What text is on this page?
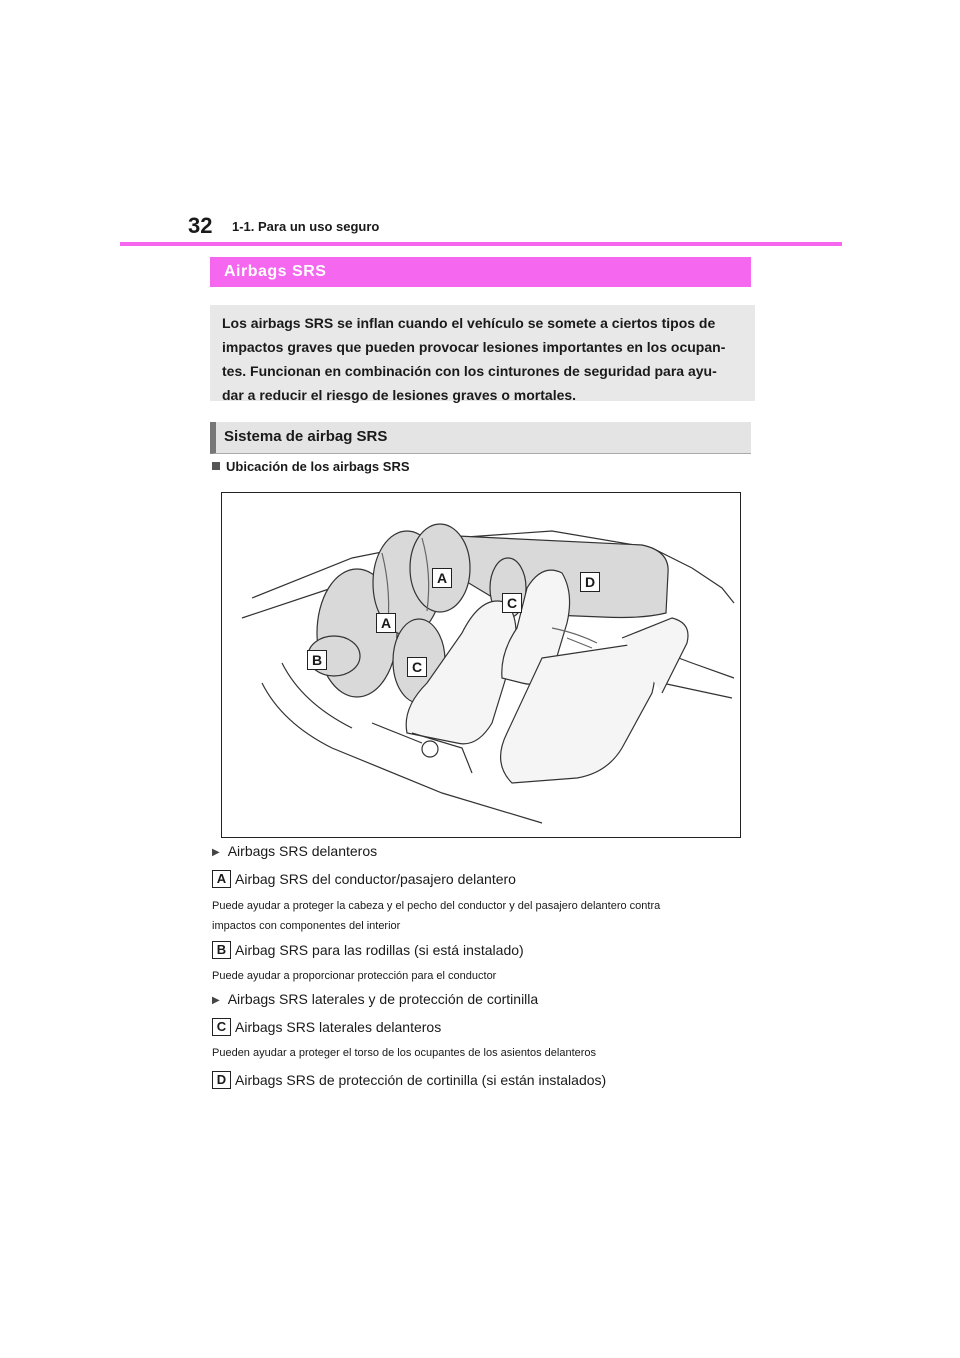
32 1-1. Para un uso seguro
Airbags SRS
Los airbags SRS se inflan cuando el vehículo se somete a ciertos tipos de
impactos graves que pueden provocar lesiones importantes en los ocupan-
tes. Funcionan en combinación con los cinturones de seguridad para ayu-
dar a reducir el riesgo de lesiones graves o mortales.
Sistema de airbag SRS
Ubicación de los airbags SRS
A
A
B
C
C
D
▶ Airbags SRS delanteros
A Airbag SRS del conductor/pasajero delantero
Puede ayudar a proteger la cabeza y el pecho del conductor y del pasajero delantero contra
impactos con componentes del interior
B Airbag SRS para las rodillas (si está instalado)
Puede ayudar a proporcionar protección para el conductor
▶ Airbags SRS laterales y de protección de cortinilla
C Airbags SRS laterales delanteros
Pueden ayudar a proteger el torso de los ocupantes de los asientos delanteros
D Airbags SRS de protección de cortinilla (si están instalados)
